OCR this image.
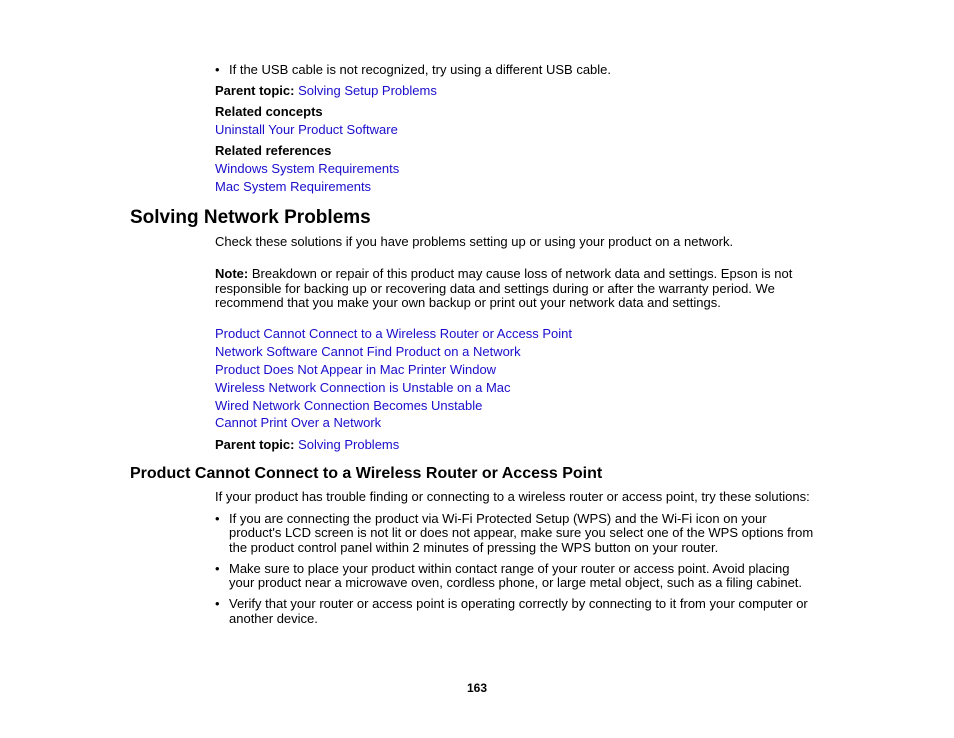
• If the USB cable is not recognized, try using a different USB cable.
Parent topic: Solving Setup Problems
Related concepts
Uninstall Your Product Software
Related references
Windows System Requirements
Mac System Requirements
Solving Network Problems
Check these solutions if you have problems setting up or using your product on a network.
Note: Breakdown or repair of this product may cause loss of network data and settings. Epson is not
responsible for backing up or recovering data and settings during or after the warranty period. We
recommend that you make your own backup or print out your network data and settings.
Product Cannot Connect to a Wireless Router or Access Point
Network Software Cannot Find Product on a Network
Product Does Not Appear in Mac Printer Window
Wireless Network Connection is Unstable on a Mac
Wired Network Connection Becomes Unstable
Cannot Print Over a Network
Parent topic: Solving Problems
Product Cannot Connect to a Wireless Router or Access Point
If your product has trouble finding or connecting to a wireless router or access point, try these solutions:
• If you are connecting the product via Wi-Fi Protected Setup (WPS) and the Wi-Fi icon on your
product's LCD screen is not lit or does not appear, make sure you select one of the WPS options from
the product control panel within 2 minutes of pressing the WPS button on your router.
• Make sure to place your product within contact range of your router or access point. Avoid placing
your product near a microwave oven, cordless phone, or large metal object, such as a filing cabinet.
• Verify that your router or access point is operating correctly by connecting to it from your computer or
another device.
163
